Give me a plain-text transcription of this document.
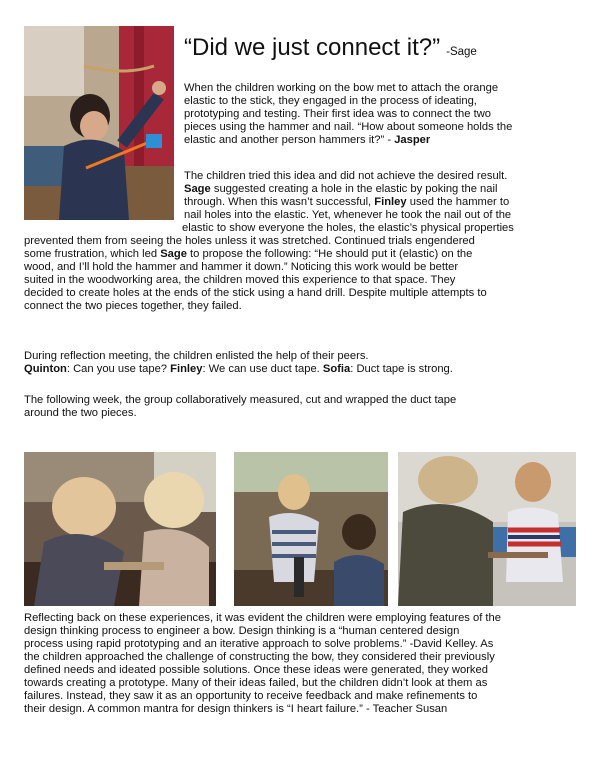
“Did we just connect it?” -Sage
When the children working on the bow met to attach the orange
elastic to the stick, they engaged in the process of ideating,
prototyping and testing. Their first idea was to connect the two
pieces using the hammer and nail. “How about someone holds the
elastic and another person hammers it?” - Jasper
The children tried this idea and did not achieve the desired result.
Sage suggested creating a hole in the elastic by poking the nail
through. When this wasn’t successful, Finley used the hammer to
nail holes into the elastic. Yet, whenever he took the nail out of the
elastic to show everyone the holes, the elastic’s physical properties
prevented them from seeing the holes unless it was stretched. Continued trials engendered
some frustration, which led Sage to propose the following: “He should put it (elastic) on the
wood, and I’ll hold the hammer and hammer it down.” Noticing this work would be better
suited in the woodworking area, the children moved this experience to that space. They
decided to create holes at the ends of the stick using a hand drill. Despite multiple attempts to
connect the two pieces together, they failed.
During reflection meeting, the children enlisted the help of their peers.
Quinton: Can you use tape? Finley: We can use duct tape. Sofia: Duct tape is strong.
The following week, the group collaboratively measured, cut and wrapped the duct tape
around the two pieces.
Reflecting back on these experiences, it was evident the children were employing features of the
design thinking process to engineer a bow. Design thinking is a “human centered design
process using rapid prototyping and an iterative approach to solve problems.” -David Kelley. As
the children approached the challenge of constructing the bow, they considered their previously
defined needs and ideated possible solutions. Once these ideas were generated, they worked
towards creating a prototype. Many of their ideas failed, but the children didn’t look at them as
failures. Instead, they saw it as an opportunity to receive feedback and make refinements to
their design. A common mantra for design thinkers is “I heart failure.” - Teacher Susan
